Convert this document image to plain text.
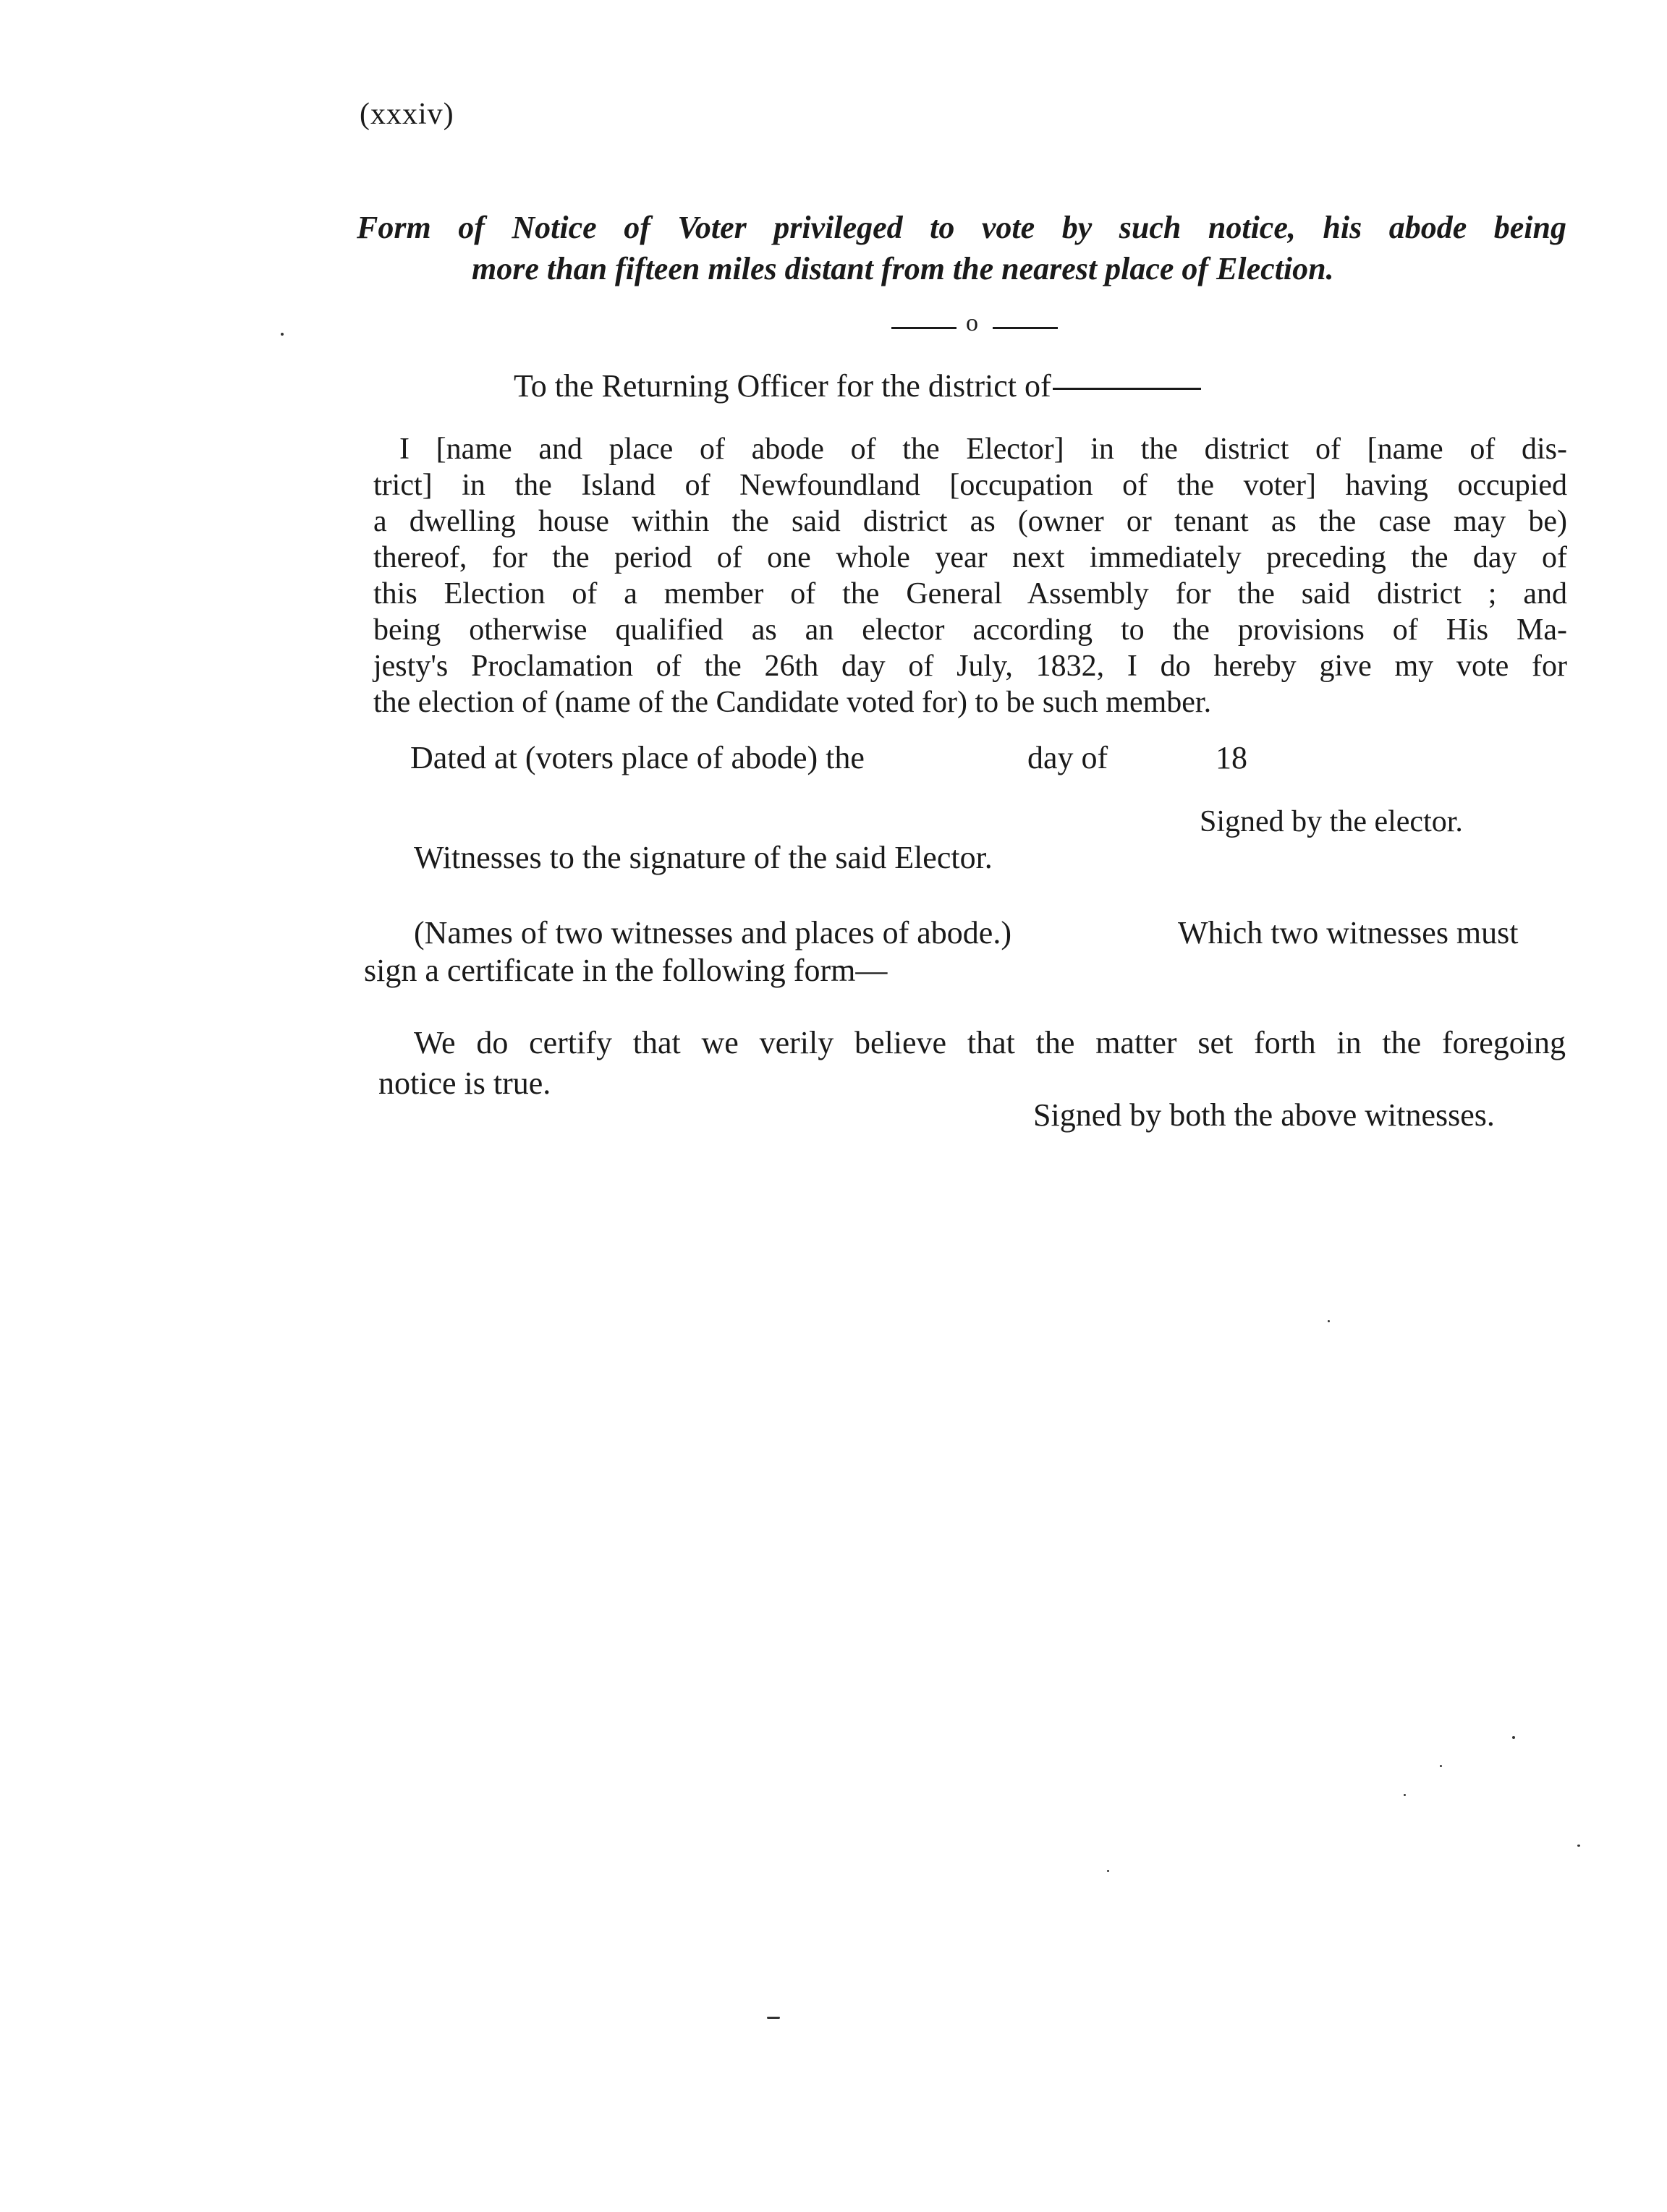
(xxxiv)
Form of Notice of Voter privileged to vote by such notice, his abode being
more than fifteen miles distant from the nearest place of Election.
o
To the Returning Officer for the district of
I [name and place of abode of the Elector] in the district of [name of dis-
trict] in the Island of Newfoundland [occupation of the voter] having occupied
a dwelling house within the said district as (owner or tenant as the case may be)
thereof, for the period of one whole year next immediately preceding the day of
this Election of a member of the General Assembly for the said district ; and
being otherwise qualified as an elector according to the provisions of His Ma-
jesty's Proclamation of the 26th day of July, 1832, I do hereby give my vote for
the election of (name of the Candidate voted for) to be such member.
Dated at (voters place of abode) the	day of	18
Signed by the elector.
Witnesses to the signature of the said Elector.
(Names of two witnesses and places of abode.)	Which two witnesses must
sign a certificate in the following form—
We do certify that we verily believe that the matter set forth in the foregoing
notice is true.
Signed by both the above witnesses.
